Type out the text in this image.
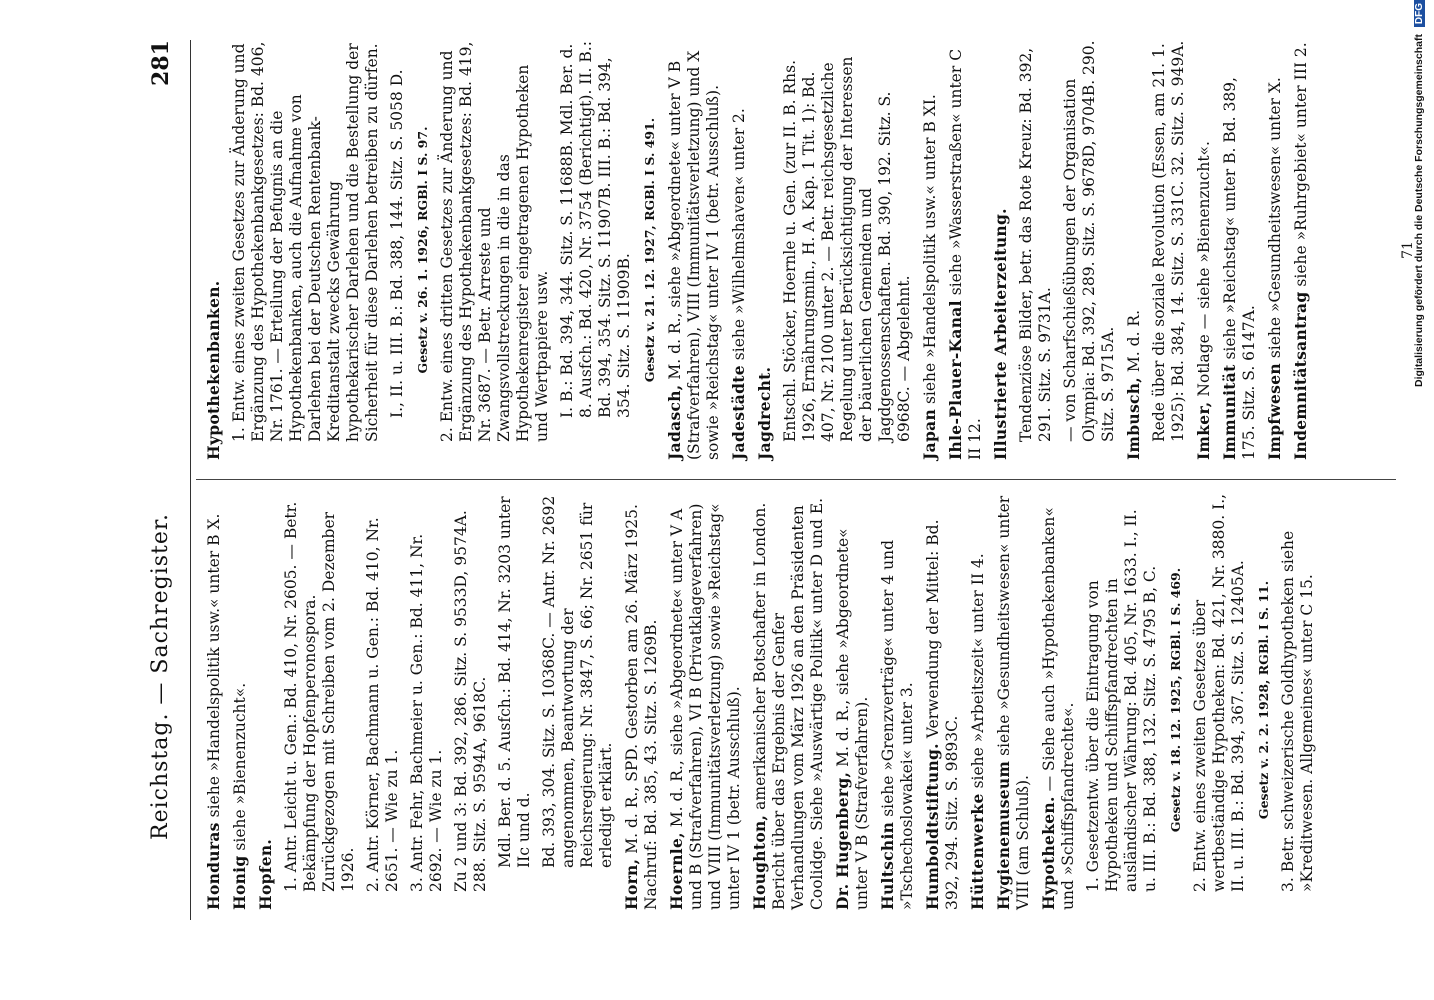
Reichstag. — Sachregister.
281

Honduras siehe »Handelspolitik usw.« unter B X.

Honig siehe »Bienenzucht«.

Hopfen. 1. Antr. Leicht u. Gen.: Bd. 410, Nr. 2605. — Betr. Bekämpfung der Hopfenperonospora. Zurückgezogen mit Schreiben vom 2. Dezember 1926. 2. Antr. Körner, Bachmann u. Gen.: Bd. 410, Nr. 2651. — Wie zu 1. 3. Antr. Fehr, Bachmeier u. Gen.: Bd. 411, Nr. 2692. — Wie zu 1. Zu 2 und 3: Bd. 392, 286. Sitz. S. 9533D, 9574A. 288. Sitz. S. 9594A, 9618C. Mdl. Ber. d. 5. Ausfch.: Bd. 414, Nr. 3203 unter IIc und d. Bd. 393, 304. Sitz. S. 10368C. — Antr. Nr. 2692 angenommen, Beantwortung der Reichsregierung: Nr. 3847, S. 66; Nr. 2651 für erledigt erklärt.

Horn, M. d. R., SPD. Gestorben am 26. März 1925. Nachruf: Bd. 385, 43. Sitz. S. 1269B. Hoernle, M. d. R., siehe »Abgeordnete« unter V A und B (Strafverfahren), VI B (Privatklageverfahren) und VIII (Immunitätsverletzung) sowie »Reichstag« unter IV 1 (betr. Ausschluß). Houghton, amerikanischer Botschafter in London. Bericht über das Ergebnis der Genfer Verhandlungen vom März 1926 an den Präsidenten Coolidge. Siehe »Auswärtige Politik« unter D und E. Dr. Hugenberg, M. d. R., siehe »Abgeordnete« unter V B (Strafverfahren). Hultschin siehe »Grenzverträge« unter 4 und »Tschechoslowakei« unter 3. Humboldtstiftung. Verwendung der Mittel: Bd. 392, 294. Sitz. S. 9893C. Hüttenwerke siehe »Arbeitszeit« unter II 4.

Hygienemuseum siehe »Gesundheitswesen« unter VIII (am Schluß). Hypotheken. — Siehe auch »Hypothekenbanken« und »Schiffspfandrechte«. 1. Gesetzentw. über die Eintragung von Hypotheken und Schiffspfandrechten in ausländischer Währung: Bd. 405, Nr. 1633. I., II. u. III. B.: Bd. 388, 132. Sitz. S. 4795 B, C. Gesetz v. 18. 12. 1925, RGBl. I S. 469. 2. Entw. eines zweiten Gesetzes über wertbeständige Hypotheken: Bd. 421, Nr. 3880. I., II. u. III. B.: Bd. 394, 367. Sitz. S. 12405A. Gesetz v. 2. 2. 1928, RGBl. I S. 11. 3. Betr. schweizerische Goldhypotheken siehe »Kreditwesen. Allgemeines« unter C 15.

Hypothekenbanken. 1. Entw. eines zweiten Gesetzes zur Änderung und Ergänzung des Hypothekenbankgesetzes: Bd. 406, Nr. 1761. — Erteilung der Befugnis an die Hypothekenbanken, auch die Aufnahme von Darlehen bei der Deutschen Rentenbank-Kreditanstalt zwecks Gewährung hypothekarischer Darlehen und die Bestellung der Sicherheit für diese Darlehen betreiben zu dürfen. I., II. u. III. B.: Bd. 388, 144. Sitz. S. 5058 D. Gesetz v. 26. 1. 1926, RGBl. I S. 97. 2. Entw. eines dritten Gesetzes zur Änderung und Ergänzung des Hypothekenbankgesetzes: Bd. 419, Nr. 3687. — Betr. Arreste und Zwangsvollstreckungen in die in das Hypothekenregister eingetragenen Hypotheken und Wertpapiere usw. I. B.: Bd. 394, 344. Sitz. S. 11688B. Mdl. Ber. d. 8. Ausfch.: Bd. 420, Nr. 3754 (Berichtigt). II. B.: Bd. 394, 354. Sitz. S. 11907B. III. B.: Bd. 394, 354. Sitz. S. 11909B. Gesetz v. 21. 12. 1927, RGBl. I S. 491.

Jadasch, M. d. R., siehe »Abgeordnete« unter V B (Strafverfahren), VIII (Immunitätsverletzung) und X sowie »Reichstag« unter IV 1 (betr. Ausschluß). Jadestädte siehe »Wilhelmshaven« unter 2.

Jagdrecht. Entschl. Stöcker, Hoernle u. Gen. (zur II. B. Rhs. 1926, Ernährungsmin., H. A. Kap. 1 Tit. 1): Bd. 407, Nr. 2100 unter 2. — Betr. reichsgesetzliche Regelung unter Berücksichtigung der Interessen der bäuerlichen Gemeinden und Jagdgenossenschaften. Bd. 390, 192. Sitz. S. 6968C. — Abgelehnt. Japan siehe »Handelspolitik usw.« unter B XI. Ihle-Plauer-Kanal siehe »Wasserstraßen« unter C II 12. Illustrierte Arbeiterzeitung. Tendenziöse Bilder, betr. das Rote Kreuz: Bd. 392, 291. Sitz. S. 9731A. — von Scharfschießübungen der Organisation Olympia: Bd. 392, 289. Sitz. S. 9678D, 9704B. 290. Sitz. S. 9715A. Imbusch, M. d. R. Rede über die soziale Revolution (Essen, am 21. 1. 1925): Bd. 384, 14. Sitz. S. 331C. 32. Sitz. S. 949A. Imker, Notlage — siehe »Bienenzucht«.

Immunität siehe »Reichstag« unter B. Bd. 389, 175. Sitz. S. 6147A. Impfwesen siehe »Gesundheitswesen« unter X.

Indemnitätsantrag siehe »Ruhrgebiet« unter III 2.	71
Digitalisierung gefördert durch die Deutsche Forschungsgemeinschaft DFG
